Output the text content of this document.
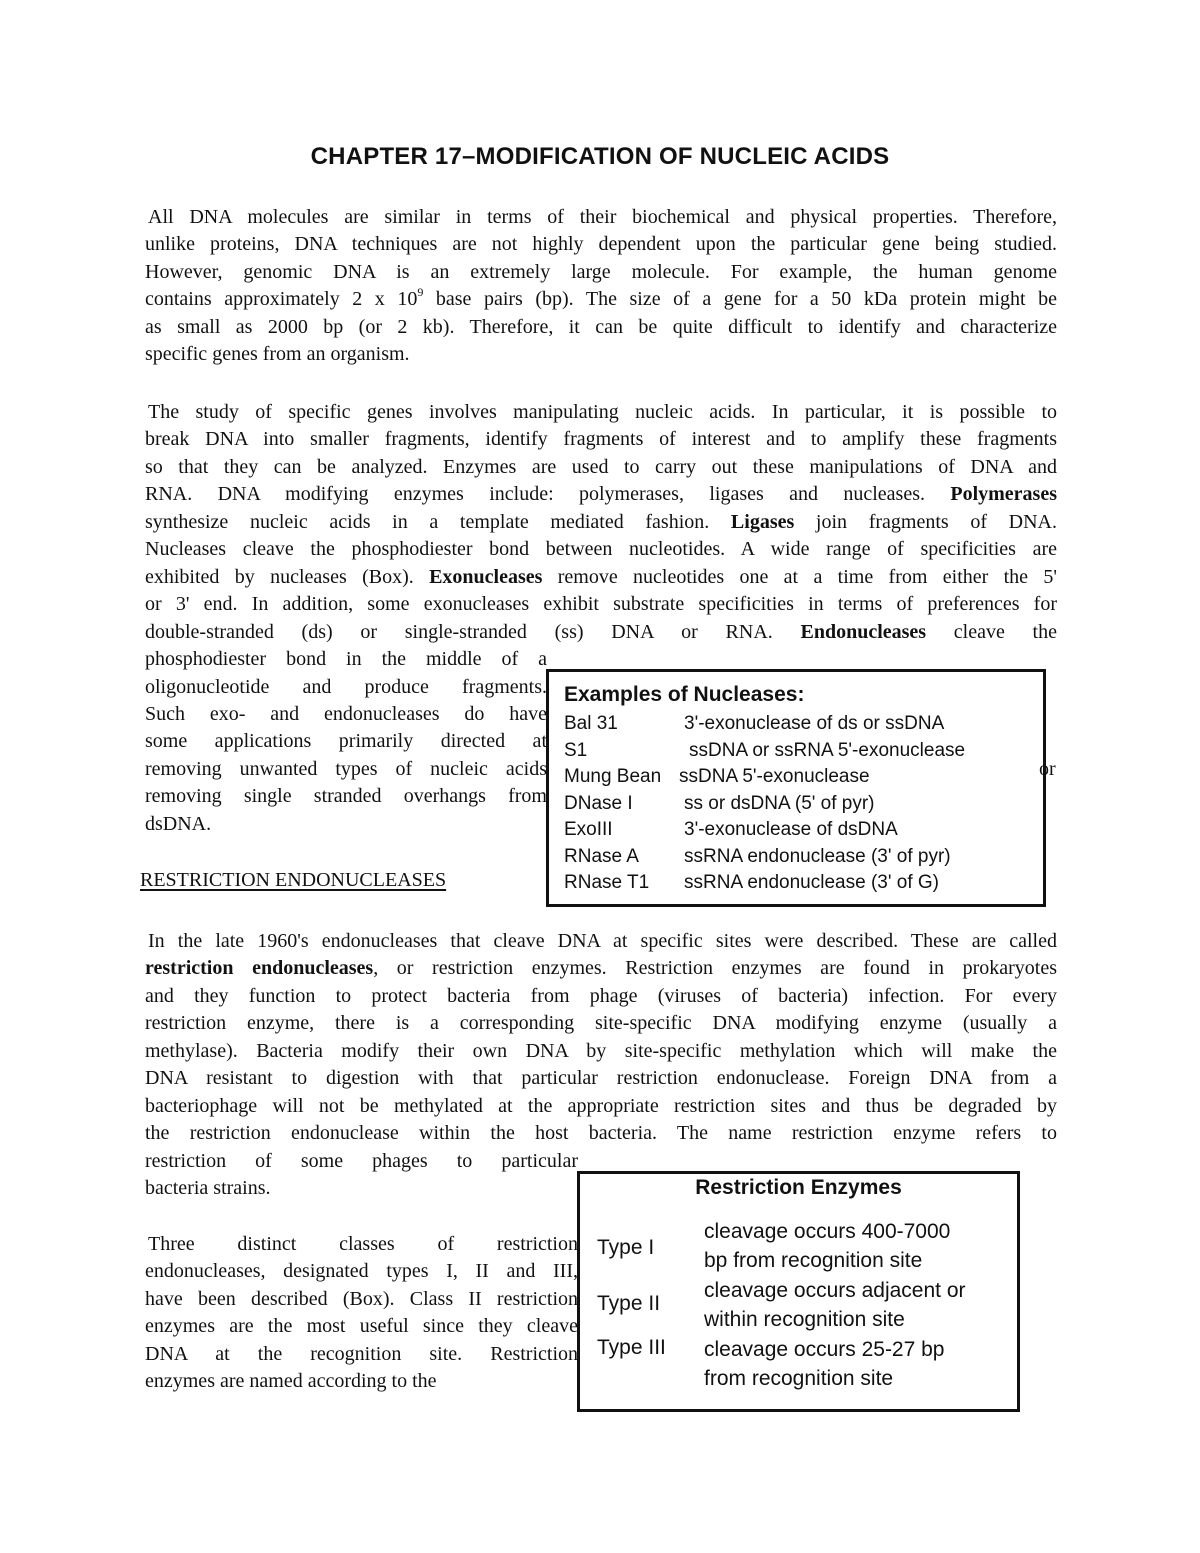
CHAPTER 17–MODIFICATION OF NUCLEIC ACIDS
All DNA molecules are similar in terms of their biochemical and physical properties. Therefore,
unlike proteins, DNA techniques are not highly dependent upon the particular gene being studied.
However, genomic DNA is an extremely large molecule. For example, the human genome
contains approximately 2 x $10^9$ base pairs (bp). The size of a gene for a 50 kDa protein might be
as small as 2000 bp (or 2 kb). Therefore, it can be quite difficult to identify and characterize
specific genes from an organism.
The study of specific genes involves manipulating nucleic acids. In particular, it is possible to
break DNA into smaller fragments, identify fragments of interest and to amplify these fragments
so that they can be analyzed. Enzymes are used to carry out these manipulations of DNA and
RNA. DNA modifying enzymes include: polymerases, ligases and nucleases. Polymerases
synthesize nucleic acids in a template mediated fashion. Ligases join fragments of DNA.
Nucleases cleave the phosphodiester bond between nucleotides. A wide range of specificities are
exhibited by nucleases (Box). Exonucleases remove nucleotides one at a time from either the 5'
or 3' end. In addition, some exonucleases exhibit substrate specificities in terms of preferences for
double-stranded (ds) or single-stranded (ss) DNA or RNA. Endonucleases cleave the
phosphodiester bond in the middle of a
oligonucleotide and produce fragments.
Such exo- and endonucleases do have
some applications primarily directed at
removing unwanted types of nucleic acids
removing single stranded overhangs from
dsDNA.
or
Examples of Nucleases:
Bal 31	3'-exonuclease of ds or ssDNA
S1	ssDNA or ssRNA 5'-exonuclease
Mung Bean ssDNA 5'-exonuclease
DNase I	ss or dsDNA (5' of pyr)
ExoIII	3'-exonuclease of dsDNA
RNase A ssRNA endonuclease (3' of pyr)
RNase T1 ssRNA endonuclease (3' of G)
RESTRICTION ENDONUCLEASES
In the late 1960's endonucleases that cleave DNA at specific sites were described. These are called
restriction endonucleases, or restriction enzymes. Restriction enzymes are found in prokaryotes
and they function to protect bacteria from phage (viruses of bacteria) infection. For every
restriction enzyme, there is a corresponding site-specific DNA modifying enzyme (usually a
methylase). Bacteria modify their own DNA by site-specific methylation which will make the
DNA resistant to digestion with that particular restriction endonuclease. Foreign DNA from a
bacteriophage will not be methylated at the appropriate restriction sites and thus be degraded by
the restriction endonuclease within the host bacteria. The name restriction enzyme refers to
restriction of some phages to particular
bacteria strains.
Three distinct classes of restriction
endonucleases, designated types I, II and III,
have been described (Box). Class II restriction
enzymes are the most useful since they cleave
DNA at the recognition site. Restriction
enzymes are named according to the
Restriction Enzymes
Type I
cleavage occurs 400-7000
bp from recognition site
Type II
cleavage occurs adjacent or
within recognition site
Type III cleavage occurs 25-27 bp
from recognition site
